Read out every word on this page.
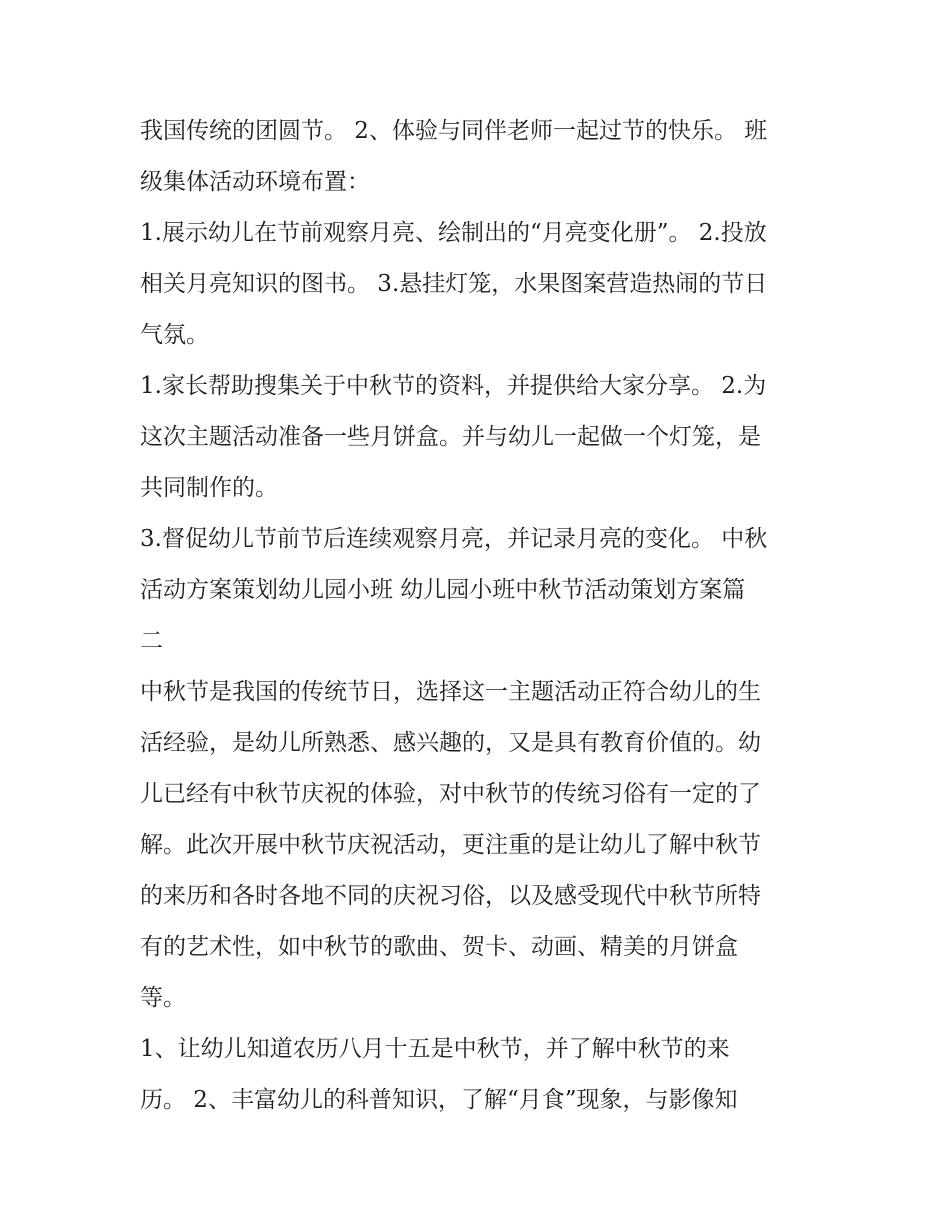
我国传统的团圆节。 2、体验与同伴老师一起过节的快乐。 班
级集体活动环境布置：
1.展示幼儿在节前观察月亮、绘制出的“月亮变化册”。 2.投放
相关月亮知识的图书。 3.悬挂灯笼，水果图案营造热闹的节日
气氛。
1.家长帮助搜集关于中秋节的资料，并提供给大家分享。 2.为
这次主题活动准备一些月饼盒。并与幼儿一起做一个灯笼，是
共同制作的。
3.督促幼儿节前节后连续观察月亮，并记录月亮的变化。 中秋
活动方案策划幼儿园小班 幼儿园小班中秋节活动策划方案篇
二
中秋节是我国的传统节日，选择这一主题活动正符合幼儿的生
活经验，是幼儿所熟悉、感兴趣的，又是具有教育价值的。幼
儿已经有中秋节庆祝的体验，对中秋节的传统习俗有一定的了
解。此次开展中秋节庆祝活动，更注重的是让幼儿了解中秋节
的来历和各时各地不同的庆祝习俗，以及感受现代中秋节所特
有的艺术性，如中秋节的歌曲、贺卡、动画、精美的月饼盒
等。
1、让幼儿知道农历八月十五是中秋节，并了解中秋节的来
历。 2、丰富幼儿的科普知识，了解“月食”现象，与影像知
